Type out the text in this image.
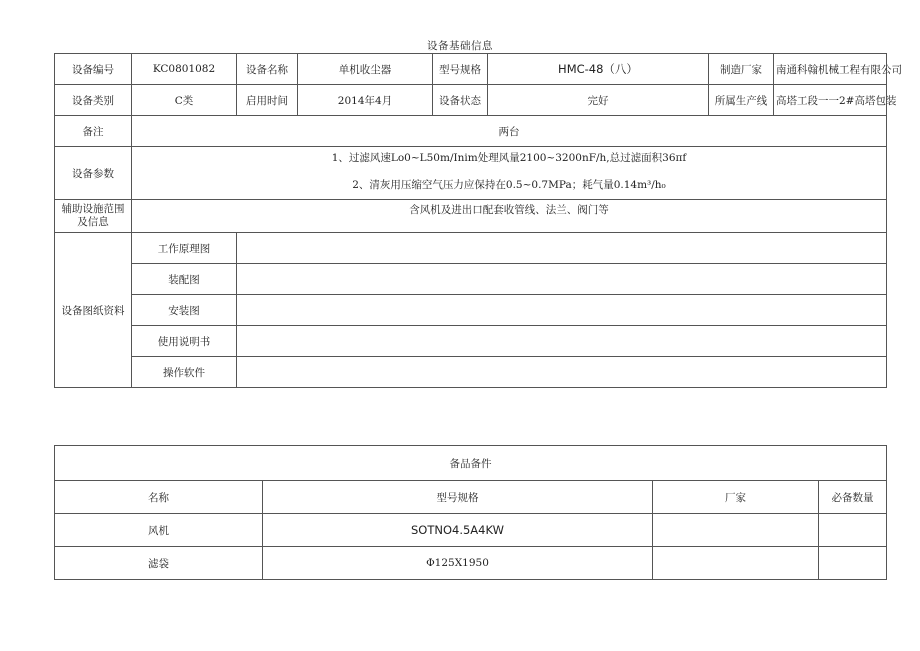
设备基础信息
设备编号	KC0801082	设备名称	单机收尘器	型号规格	HMC-48（八）	制造厂家	南通科翰机械工程有限公司
设备类别	C类	启用时间	2014年4月	设备状态	完好	所属生产线	高塔工段一一2#高塔包装
备注	两台						
设备参数	1、过滤风速Lo0~L50m/Inim处理风量2100~3200nF/h,总过滤面积36πf
2、清灰用压缩空气压力应保持在0.5~0.7MPa；耗气量0.14m³/h₀						

辅助设施范围及信息	含风机及进出口配套收管线、法兰、阀门等						
设备图纸资料	工作原理图						
	装配图						
	安装图						
	使用说明书						
	操作软件						
备品备件			
名称	型号规格	厂家	必备数量
风机	SOTNO4.5A4KW		
滤袋	Φ125X1950		
